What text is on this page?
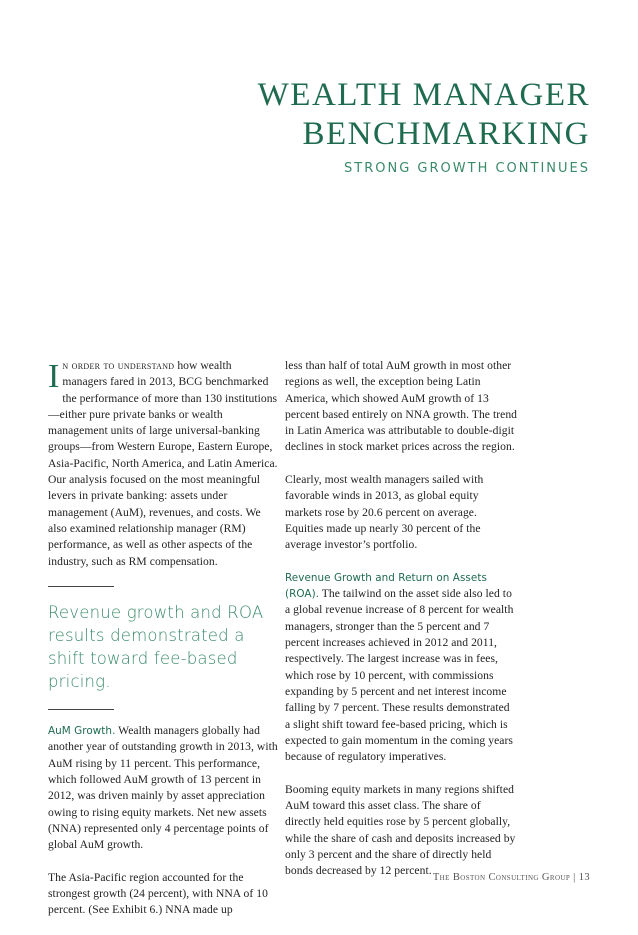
WEALTH MANAGER
BENCHMARKING
STRONG GROWTH CONTINUES

In order to understand how wealth managers fared in 2013, BCG benchmarked the performance of more than 130 institutions—either pure private banks or wealth management units of large universal-banking groups—from Western Europe, Eastern Europe, Asia-Pacific, North America, and Latin America. Our analysis focused on the most meaningful levers in private banking: assets under management (AuM), revenues, and costs. We also examined relationship manager (RM) performance, as well as other aspects of the industry, such as RM compensation.

Revenue growth and ROA results demonstrated a shift toward fee-based pricing.

AuM Growth. Wealth managers globally had another year of outstanding growth in 2013, with AuM rising by 11 percent. This performance, which followed AuM growth of 13 percent in 2012, was driven mainly by asset appreciation owing to rising equity markets. Net new assets (NNA) represented only 4 percentage points of global AuM growth.

The Asia-Pacific region accounted for the strongest growth (24 percent), with NNA of 10 percent. (See Exhibit 6.) NNA made up

less than half of total AuM growth in most other regions as well, the exception being Latin America, which showed AuM growth of 13 percent based entirely on NNA growth. The trend in Latin America was attributable to double-digit declines in stock market prices across the region.

Clearly, most wealth managers sailed with favorable winds in 2013, as global equity markets rose by 20.6 percent on average. Equities made up nearly 30 percent of the average investor’s portfolio.

Revenue Growth and Return on Assets (ROA). The tailwind on the asset side also led to a global revenue increase of 8 percent for wealth managers, stronger than the 5 percent and 7 percent increases achieved in 2012 and 2011, respectively. The largest increase was in fees, which rose by 10 percent, with commissions expanding by 5 percent and net interest income falling by 7 percent. These results demonstrated a slight shift toward fee-based pricing, which is expected to gain momentum in the coming years because of regulatory imperatives.

Booming equity markets in many regions shifted AuM toward this asset class. The share of directly held equities rose by 5 percent globally, while the share of cash and deposits increased by only 3 percent and the share of directly held bonds decreased by 12 percent.

The Boston Consulting Group | 13
